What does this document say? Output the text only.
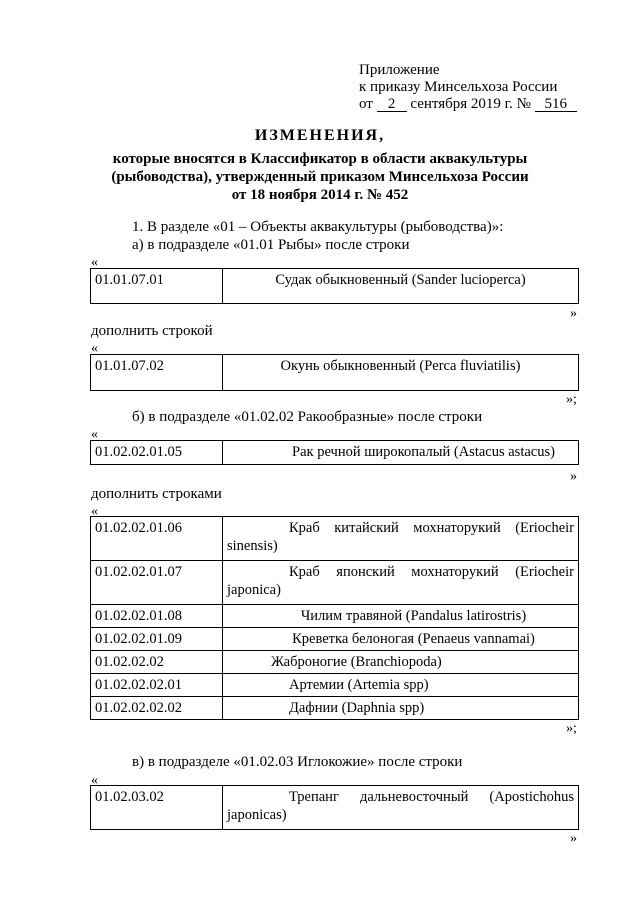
Приложение
к приказу Минсельхоза России
от 2 сентября 2019 г. № 516
ИЗМЕНЕНИЯ,
которые вносятся в Классификатор в области аквакультуры
(рыбоводства), утвержденный приказом Минсельхоза России
от 18 ноября 2014 г. № 452
1. В разделе «01 – Объекты аквакультуры (рыбоводства)»:
а) в подразделе «01.01 Рыбы» после строки
«
01.01.07.01	Судак обыкновенный (Sander lucioperca)
»
дополнить строкой
«
01.01.07.02	Окунь обыкновенный (Perca fluviatilis)
»;
б) в подразделе «01.02.02 Ракообразные» после строки
«
01.02.02.01.05	Рак речной широкопалый (Astacus astacus)
»
дополнить строками
«
01.02.02.01.06	Краб китайский мохнаторукий (Eriocheir
sinensis)

01.02.02.01.07	Краб японский мохнаторукий (Eriocheir
japonica)

01.02.02.01.08	Чилим травяной (Pandalus latirostris)
01.02.02.01.09	Креветка белоногая (Penaeus vannamai)
01.02.02.02	Жаброногие (Branchiopoda)
01.02.02.02.01	Артемии (Artemia spp)
01.02.02.02.02	Дафнии (Daphnia spp)
»;
в) в подразделе «01.02.03 Иглокожие» после строки
«
01.02.03.02	Трепанг дальневосточный (Apostichohus
japonicas)
»
